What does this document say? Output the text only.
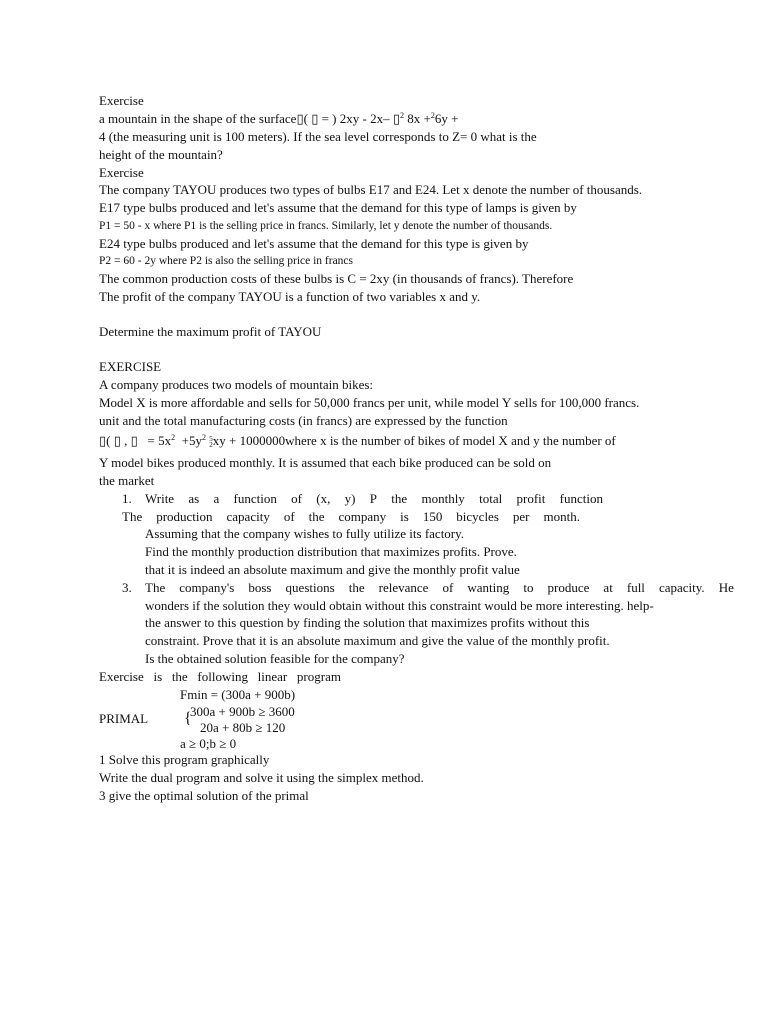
Exercise
a mountain in the shape of the surface▯( ▯ = ) 2xy - 2x– ▯$^2$ 8x +$^2$6y +
4 (the measuring unit is 100 meters). If the sea level corresponds to Z= 0 what is the
height of the mountain?
Exercise
The company TAYOU produces two types of bulbs E17 and E24. Let x denote the number of thousands.
E17 type bulbs produced and let's assume that the demand for this type of lamps is given by
P1 = 50 - x where P1 is the selling price in francs. Similarly, let y denote the number of thousands.
E24 type bulbs produced and let's assume that the demand for this type is given by
P2 = 60 - 2y where P2 is also the selling price in francs
The common production costs of these bulbs is C = 2xy (in thousands of francs). Therefore
The profit of the company TAYOU is a function of two variables x and y.
Determine the maximum profit of TAYOU
EXERCISE
A company produces two models of mountain bikes:
Model X is more affordable and sells for 50,000 francs per unit, while model Y sells for 100,000 francs.
unit and the total manufacturing costs (in francs) are expressed by the function
▯( ▯ , ▯ = $5x^2 +5y^2$ 5
2xy + 1000000where x is the number of bikes of model X and y the number of
Y model bikes produced monthly. It is assumed that each bike produced can be sold on
the market
1. Write as a function of (x, y) P the monthly total profit function
The production capacity of the company is 150 bicycles per month.
Assuming that the company wishes to fully utilize its factory.
Find the monthly production distribution that maximizes profits. Prove.
that it is indeed an absolute maximum and give the monthly profit value
3. The company's boss questions the relevance of wanting to produce at full capacity. He
wonders if the solution they would obtain without this constraint would be more interesting. help-
the answer to this question by finding the solution that maximizes profits without this
constraint. Prove that it is an absolute maximum and give the value of the monthly profit.
Is the obtained solution feasible for the company?
Exercise is the following linear program
Fmin = (300a + 900b)
PRIMAL {
300a + 900b ≥ 3600
20a + 80b ≥ 120
a ≥ 0;b ≥ 0
1 Solve this program graphically
Write the dual program and solve it using the simplex method.
3 give the optimal solution of the primal
